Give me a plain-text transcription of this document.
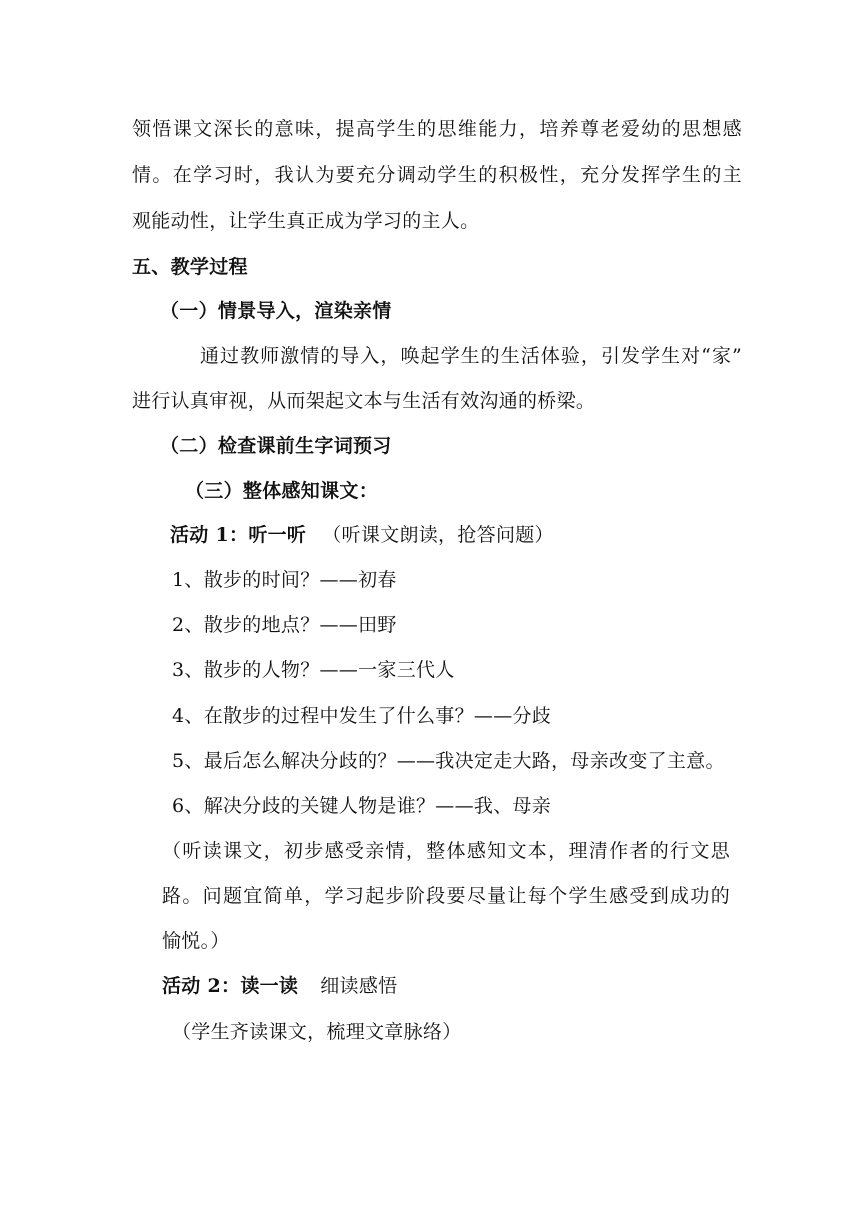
领悟课文深长的意味，提高学生的思维能力，培养尊老爱幼的思想感
情。在学习时，我认为要充分调动学生的积极性，充分发挥学生的主
观能动性，让学生真正成为学习的主人。
五、教学过程
（一）情景导入，渲染亲情
通过教师激情的导入，唤起学生的生活体验，引发学生对“家”
进行认真审视，从而架起文本与生活有效沟通的桥梁。
（二）检查课前生字词预习
（三）整体感知课文：
活动 1：听一听 （听课文朗读，抢答问题）
1、散步的时间？——初春
2、散步的地点？——田野
3、散步的人物？——一家三代人
4、在散步的过程中发生了什么事？——分歧
5、最后怎么解决分歧的？——我决定走大路，母亲改变了主意。
6、解决分歧的关键人物是谁？——我、母亲
（听读课文，初步感受亲情，整体感知文本，理清作者的行文思
路。问题宜简单，学习起步阶段要尽量让每个学生感受到成功的
愉悦。）
活动 2：读一读 细读感悟
（学生齐读课文，梳理文章脉络）
